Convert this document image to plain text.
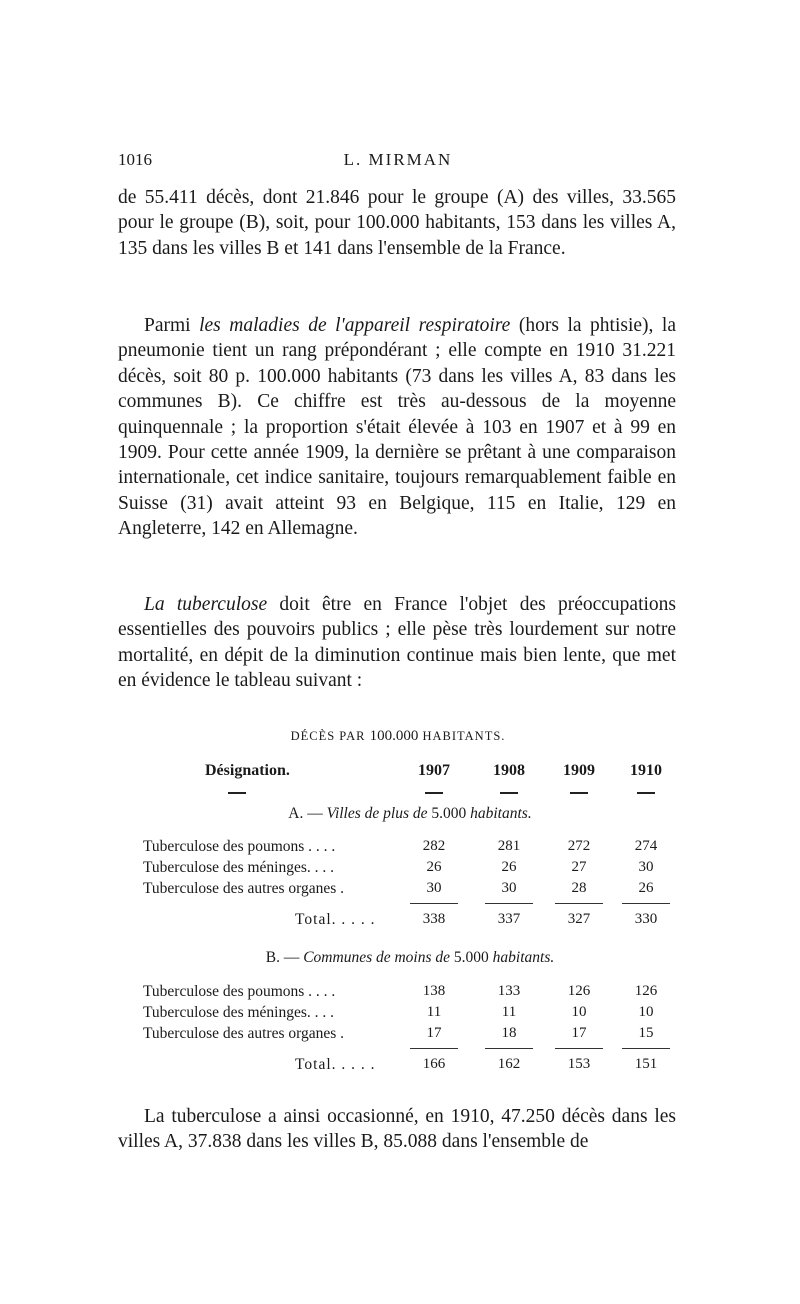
1016	L. MIRMAN

de 55.411 décès, dont 21.846 pour le groupe (A) des villes, 33.565 pour le groupe (B), soit, pour 100.000 habitants, 153 dans les villes A, 135 dans les villes B et 141 dans l'ensemble de la France.

Parmi les maladies de l'appareil respiratoire (hors la phtisie), la pneumonie tient un rang prépondérant ; elle compte en 1910 31.221 décès, soit 80 p. 100.000 habitants (73 dans les villes A, 83 dans les communes B). Ce chiffre est très au-dessous de la moyenne quinquennale ; la proportion s'était élevée à 103 en 1907 et à 99 en 1909. Pour cette année 1909, la dernière se prêtant à une comparaison internationale, cet indice sanitaire, toujours remarquablement faible en Suisse (31) avait atteint 93 en Belgique, 115 en Italie, 129 en Angleterre, 142 en Allemagne.

La tuberculose doit être en France l'objet des préoccupations essentielles des pouvoirs publics ; elle pèse très lourdement sur notre mortalité, en dépit de la diminution continue mais bien lente, que met en évidence le tableau suivant :

DÉCÈS PAR 100.000 HABITANTS.
Désignation.	1907	1908	1909	1910
A. — Villes de plus de 5.000 habitants.
Tuberculose des poumons . . . .	282	281	272	274
Tuberculose des méninges. . . .	26	26	27	30
Tuberculose des autres organes .	30	30	28	26
Total. . . . .	338	337	327	330
B. — Communes de moins de 5.000 habitants.
Tuberculose des poumons . . . .	138	133	126	126
Tuberculose des méninges. . . .	11	11	10	10
Tuberculose des autres organes .	17	18	17	15
Total. . . . .	166	162	153	151

La tuberculose a ainsi occasionné, en 1910, 47.250 décès dans les villes A, 37.838 dans les villes B, 85.088 dans l'ensemble de
